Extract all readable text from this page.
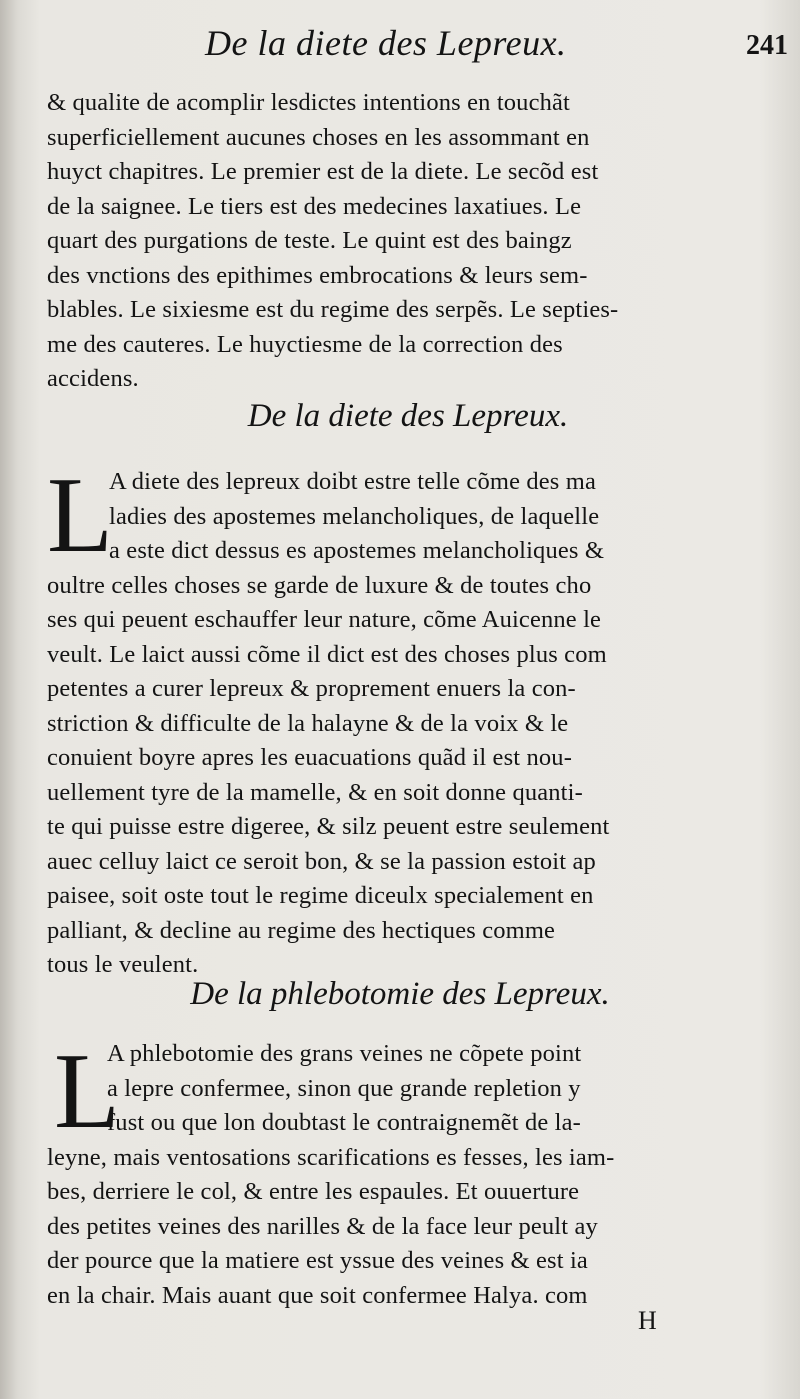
De la diete des Lepreux.	241
& qualite de acomplir lesdictes intentions en touchãt
superficiellement aucunes choses en les assommant en
huyct chapitres. Le premier est de la diete. Le secõd est
de la saignee. Le tiers est des medecines laxatiues. Le
quart des purgations de teste. Le quint est des baingz
des vnctions des epithimes embrocations & leurs sem-
blables. Le sixiesme est du regime des serpẽs. Le septies-
me des cauteres. Le huyctiesme de la correction des
accidens.
De la diete des Lepreux.
L
A diete des lepreux doibt estre telle cõme des ma
ladies des apostemes melancholiques, de laquelle
a este dict dessus es apostemes melancholiques &
oultre celles choses se garde de luxure & de toutes cho
ses qui peuent eschauffer leur nature, cõme Auicenne le
veult. Le laict aussi cõme il dict est des choses plus com
petentes a curer lepreux & proprement enuers la con-
striction & difficulte de la halayne & de la voix & le
conuient boyre apres les euacuations quãd il est nou-
uellement tyre de la mamelle, & en soit donne quanti-
te qui puisse estre digeree, & silz peuent estre seulement
auec celluy laict ce seroit bon, & se la passion estoit ap
paisee, soit oste tout le regime diceulx specialement en
palliant, & decline au regime des hectiques comme
tous le veulent.
De la phlebotomie des Lepreux.
L
A phlebotomie des grans veines ne cõpete point
a lepre confermee, sinon que grande repletion y
fust ou que lon doubtast le contraignemẽt de la-
leyne, mais ventosations scarifications es fesses, les iam-
bes, derriere le col, & entre les espaules. Et ouuerture
des petites veines des narilles & de la face leur peult ay
der pource que la matiere est yssue des veines & est ia
en la chair. Mais auant que soit confermee Halya. com
H
